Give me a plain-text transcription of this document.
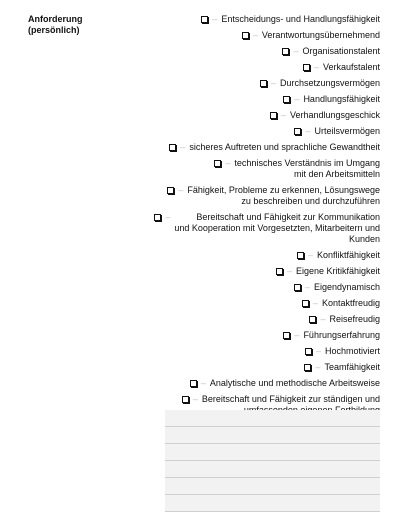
Anforderung
(persönlich)
– Entscheidungs- und Handlungsfähigkeit
– Verantwortungsübernehmend
– Organisationstalent
– Verkaufstalent
– Durchsetzungsvermögen
– Handlungsfähigkeit
– Verhandlungsgeschick
– Urteilsvermögen
– sicheres Auftreten und sprachliche Gewandtheit
– technisches Verständnis im Umgang
mit den Arbeitsmitteln
– Fähigkeit, Probleme zu erkennen, Lösungswege
zu beschreiben und durchzuführen
–	Bereitschaft und Fähigkeit zur Kommunikation
und Kooperation mit Vorgesetzten, Mitarbeitern und
Kunden
– Konfliktfähigkeit
– Eigene Kritikfähigkeit
– Eigendynamisch
– Kontaktfreudig
– Reisefreudig
– Führungserfahrung
– Hochmotiviert
– Teamfähigkeit
– Analytische und methodische Arbeitsweise
– Bereitschaft und Fähigkeit zur ständigen und
